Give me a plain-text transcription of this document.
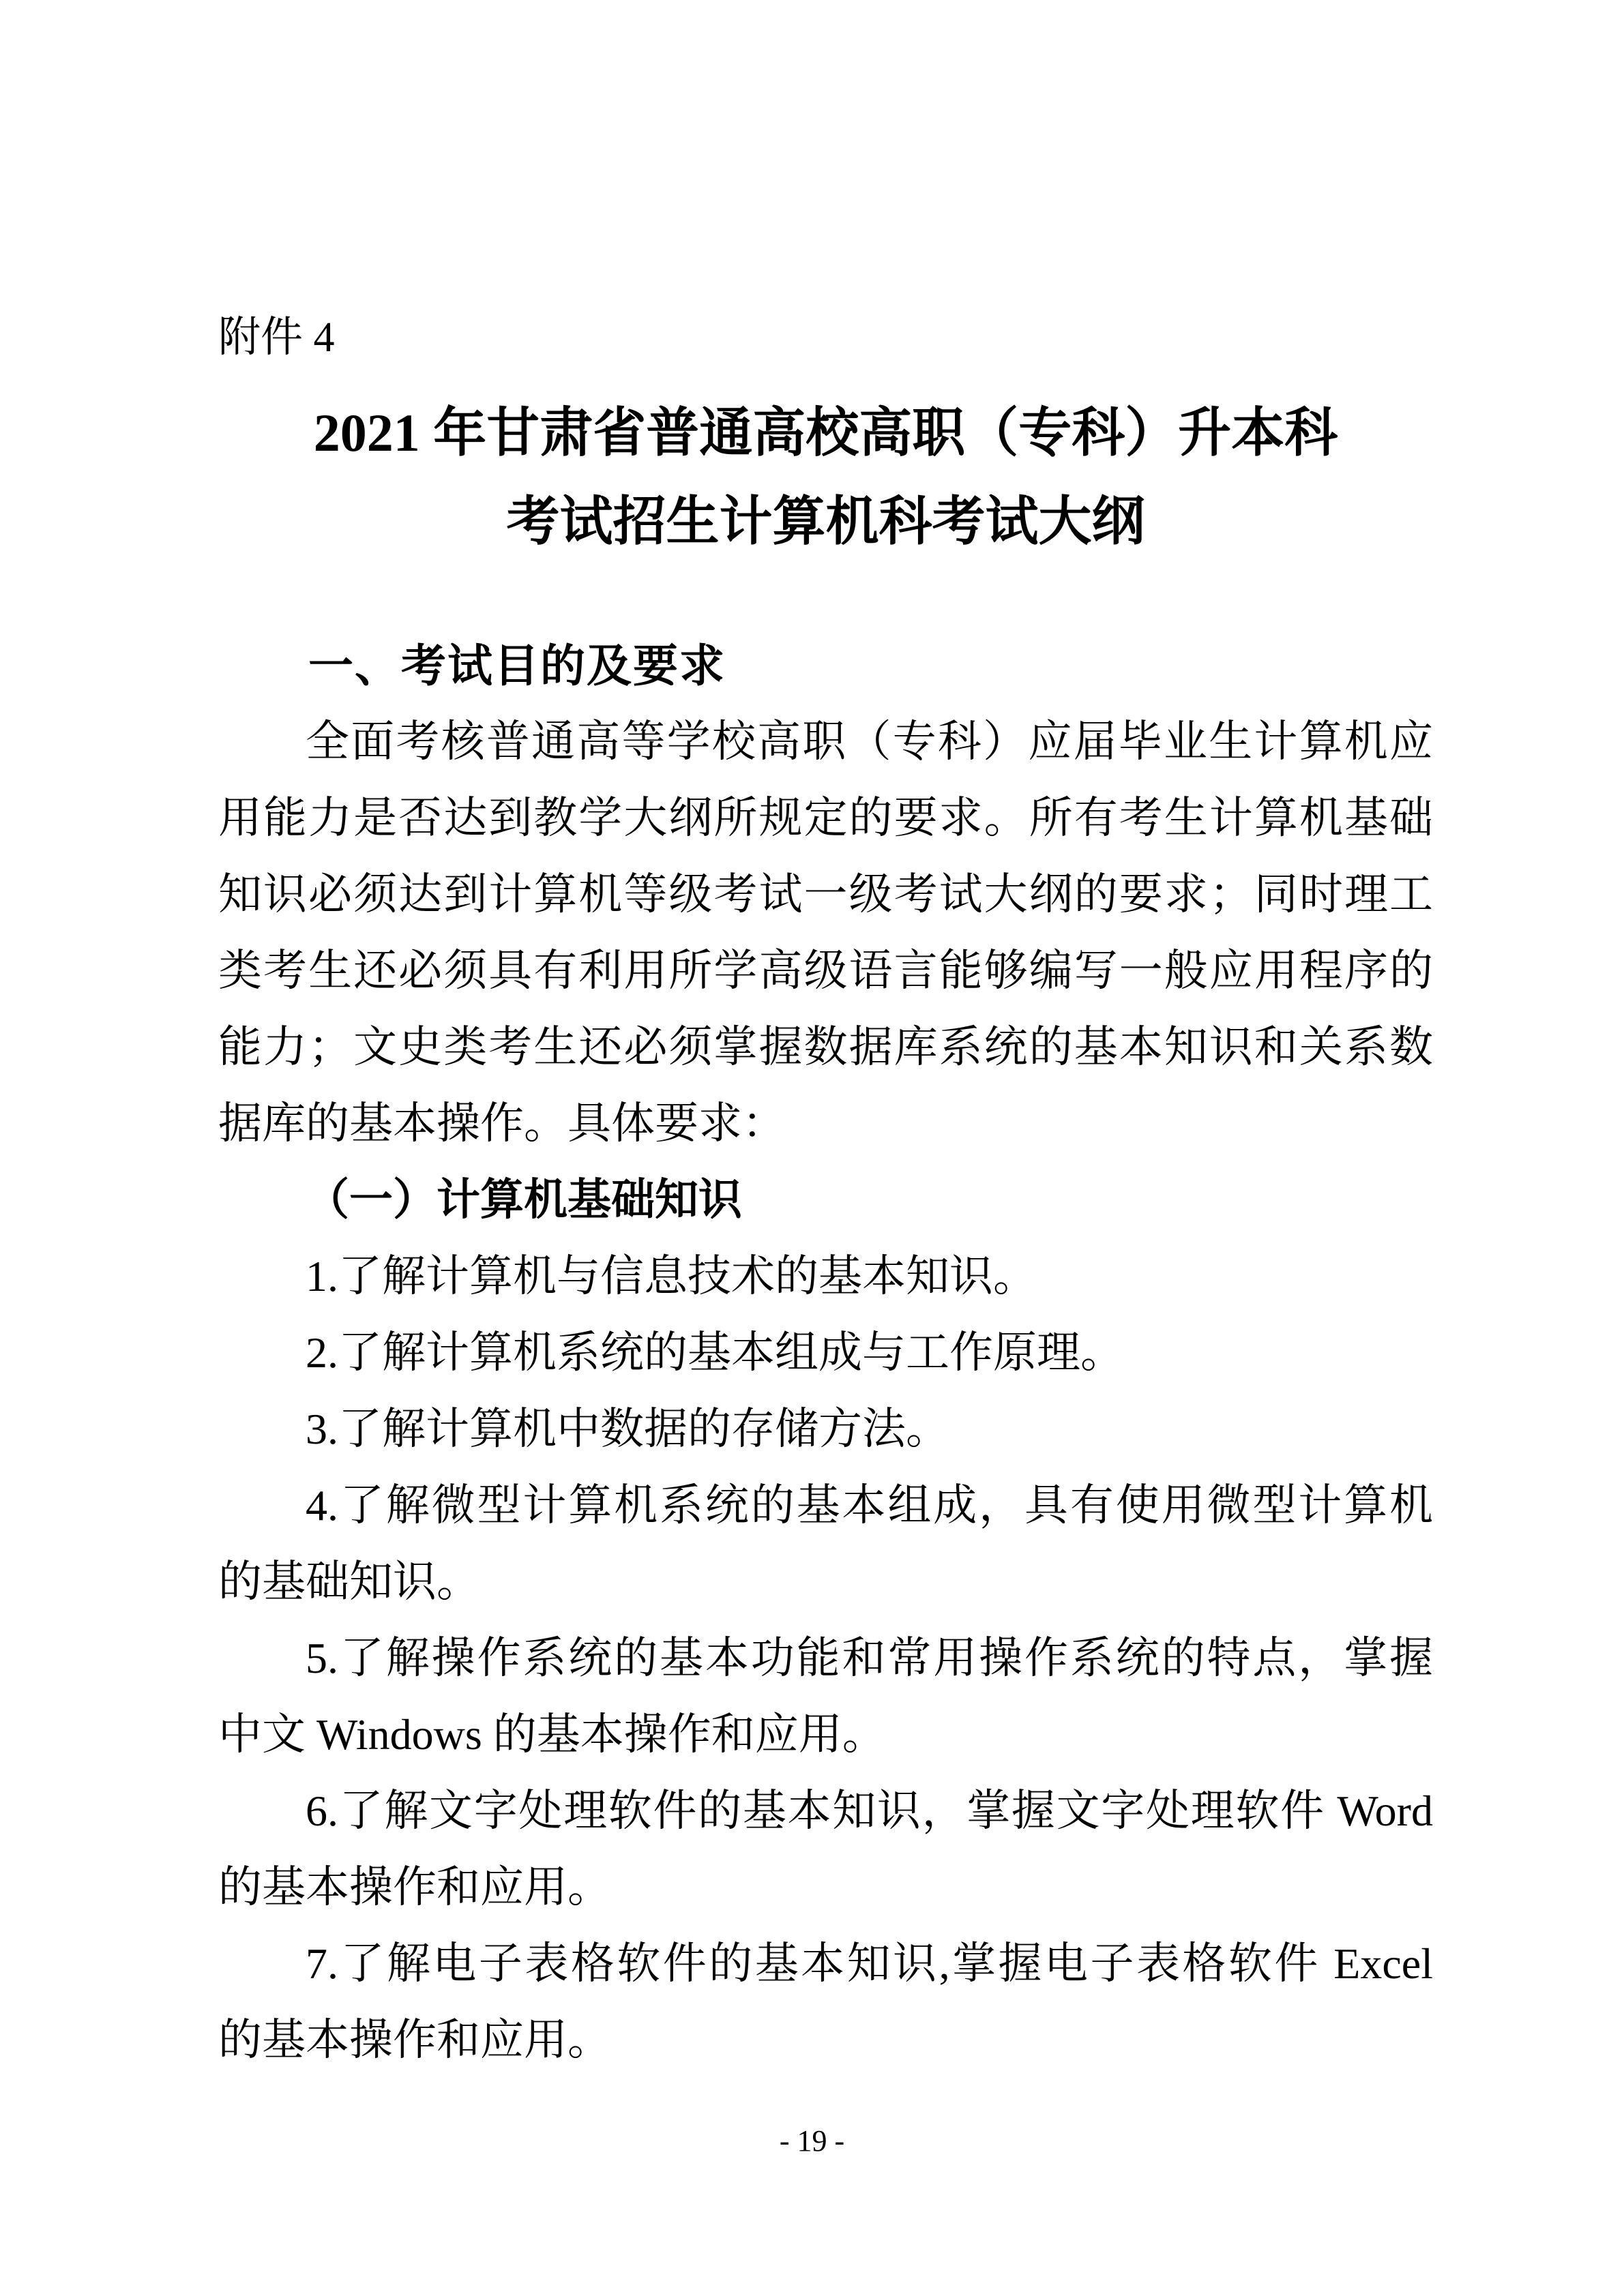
附件 4
2021 年甘肃省普通高校高职（专科）升本科
考试招生计算机科考试大纲
一、考试目的及要求
全面考核普通高等学校高职（专科）应届毕业生计算机应
用能力是否达到教学大纲所规定的要求。所有考生计算机基础
知识必须达到计算机等级考试一级考试大纲的要求；同时理工
类考生还必须具有利用所学高级语言能够编写一般应用程序的
能力；文史类考生还必须掌握数据库系统的基本知识和关系数
据库的基本操作。具体要求：
（一）计算机基础知识
1.了解计算机与信息技术的基本知识。
2.了解计算机系统的基本组成与工作原理。
3.了解计算机中数据的存储方法。
4.了解微型计算机系统的基本组成，具有使用微型计算机
的基础知识。
5.了解操作系统的基本功能和常用操作系统的特点，掌握
中文 Windows 的基本操作和应用。
6.了解文字处理软件的基本知识，掌握文字处理软件 Word
的基本操作和应用。
7.了解电子表格软件的基本知识,掌握电子表格软件 Excel
的基本操作和应用。
- 19 -
